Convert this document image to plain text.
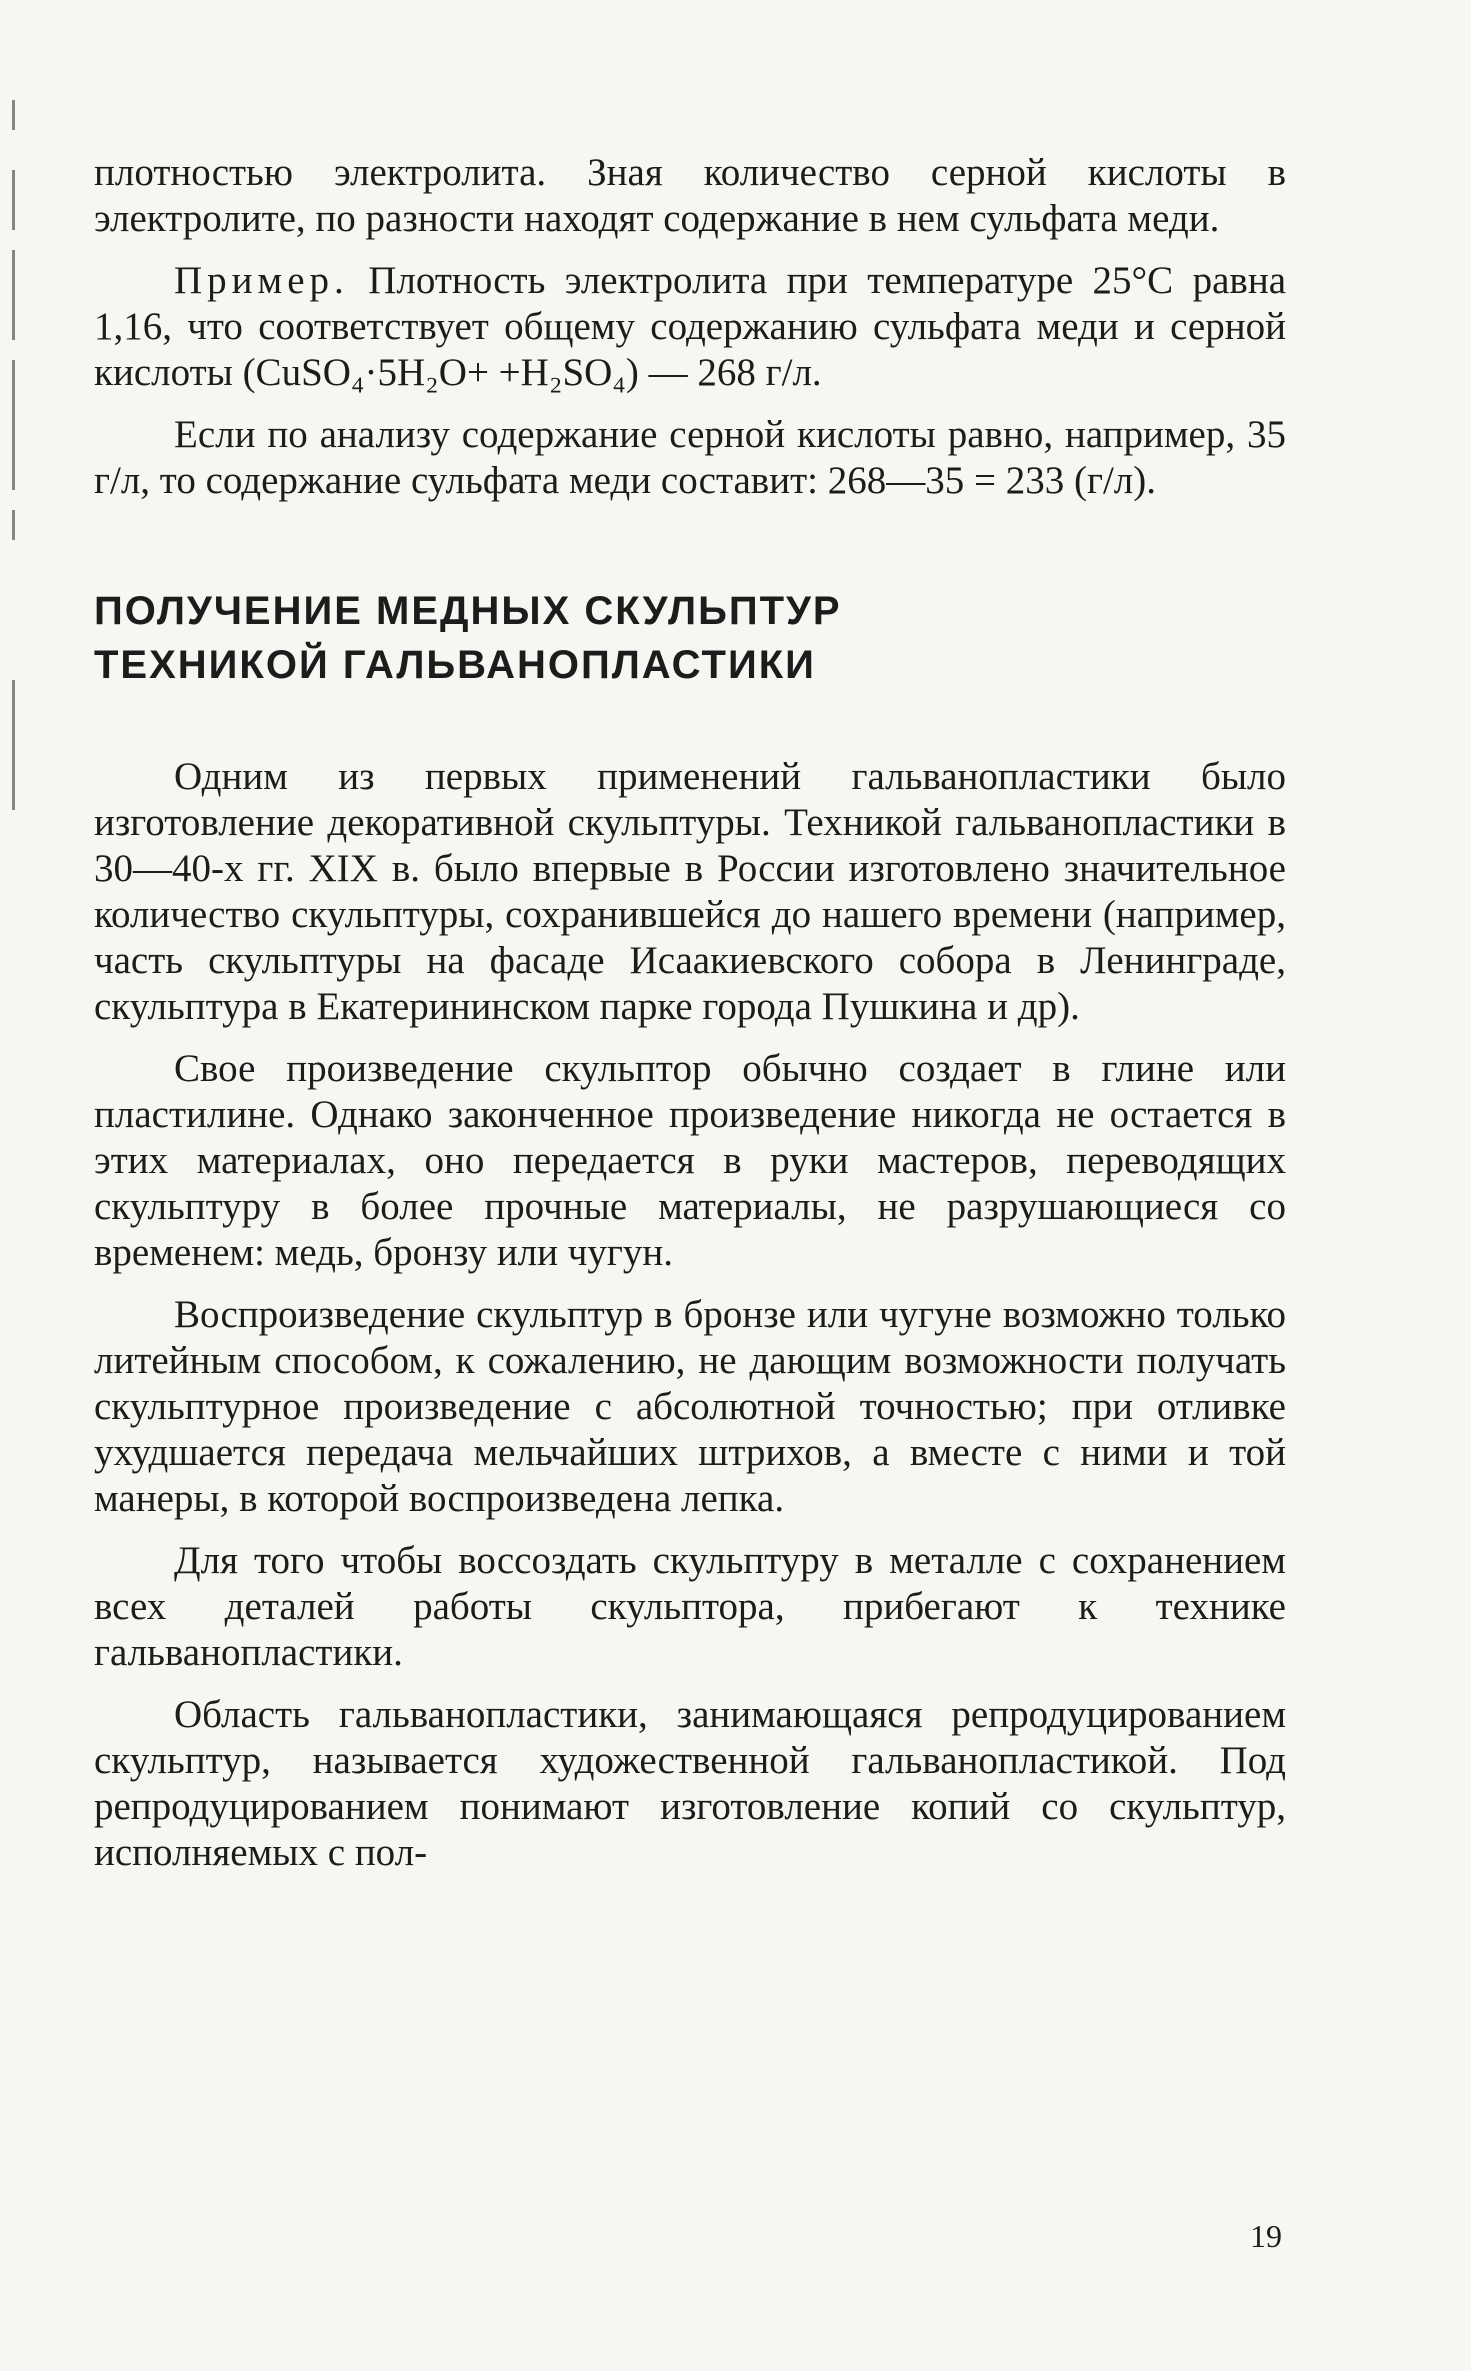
плотностью электролита. Зная количество серной кислоты в электролите, по разности находят содержание в нем сульфата меди.

Пример. Плотность электролита при температуре 25°С равна 1,16, что соответствует общему содержанию сульфата меди и серной кислоты (CuSO₄·5H₂O+ +H₂SO₄) — 268 г/л.

Если по анализу содержание серной кислоты равно, например, 35 г/л, то содержание сульфата меди составит: 268—35 = 233 (г/л).

ПОЛУЧЕНИЕ МЕДНЫХ СКУЛЬПТУР
ТЕХНИКОЙ ГАЛЬВАНОПЛАСТИКИ

Одним из первых применений гальванопластики было изготовление декоративной скульптуры. Техникой гальванопластики в 30—40-х гг. XIX в. было впервые в России изготовлено значительное количество скульптуры, сохранившейся до нашего времени (например, часть скульптуры на фасаде Исаакиевского собора в Ленинграде, скульптура в Екатерининском парке города Пушкина и др).

Свое произведение скульптор обычно создает в глине или пластилине. Однако законченное произведение никогда не остается в этих материалах, оно передается в руки мастеров, переводящих скульптуру в более прочные материалы, не разрушающиеся со временем: медь, бронзу или чугун.

Воспроизведение скульптур в бронзе или чугуне возможно только литейным способом, к сожалению, не дающим возможности получать скульптурное произведение с абсолютной точностью; при отливке ухудшается передача мельчайших штрихов, а вместе с ними и той манеры, в которой воспроизведена лепка.

Для того чтобы воссоздать скульптуру в металле с сохранением всех деталей работы скульптора, прибегают к технике гальванопластики.

Область гальванопластики, занимающаяся репродуцированием скульптур, называется художественной гальванопластикой. Под репродуцированием понимают изготовление копий со скульптур, исполняемых с пол-

19
